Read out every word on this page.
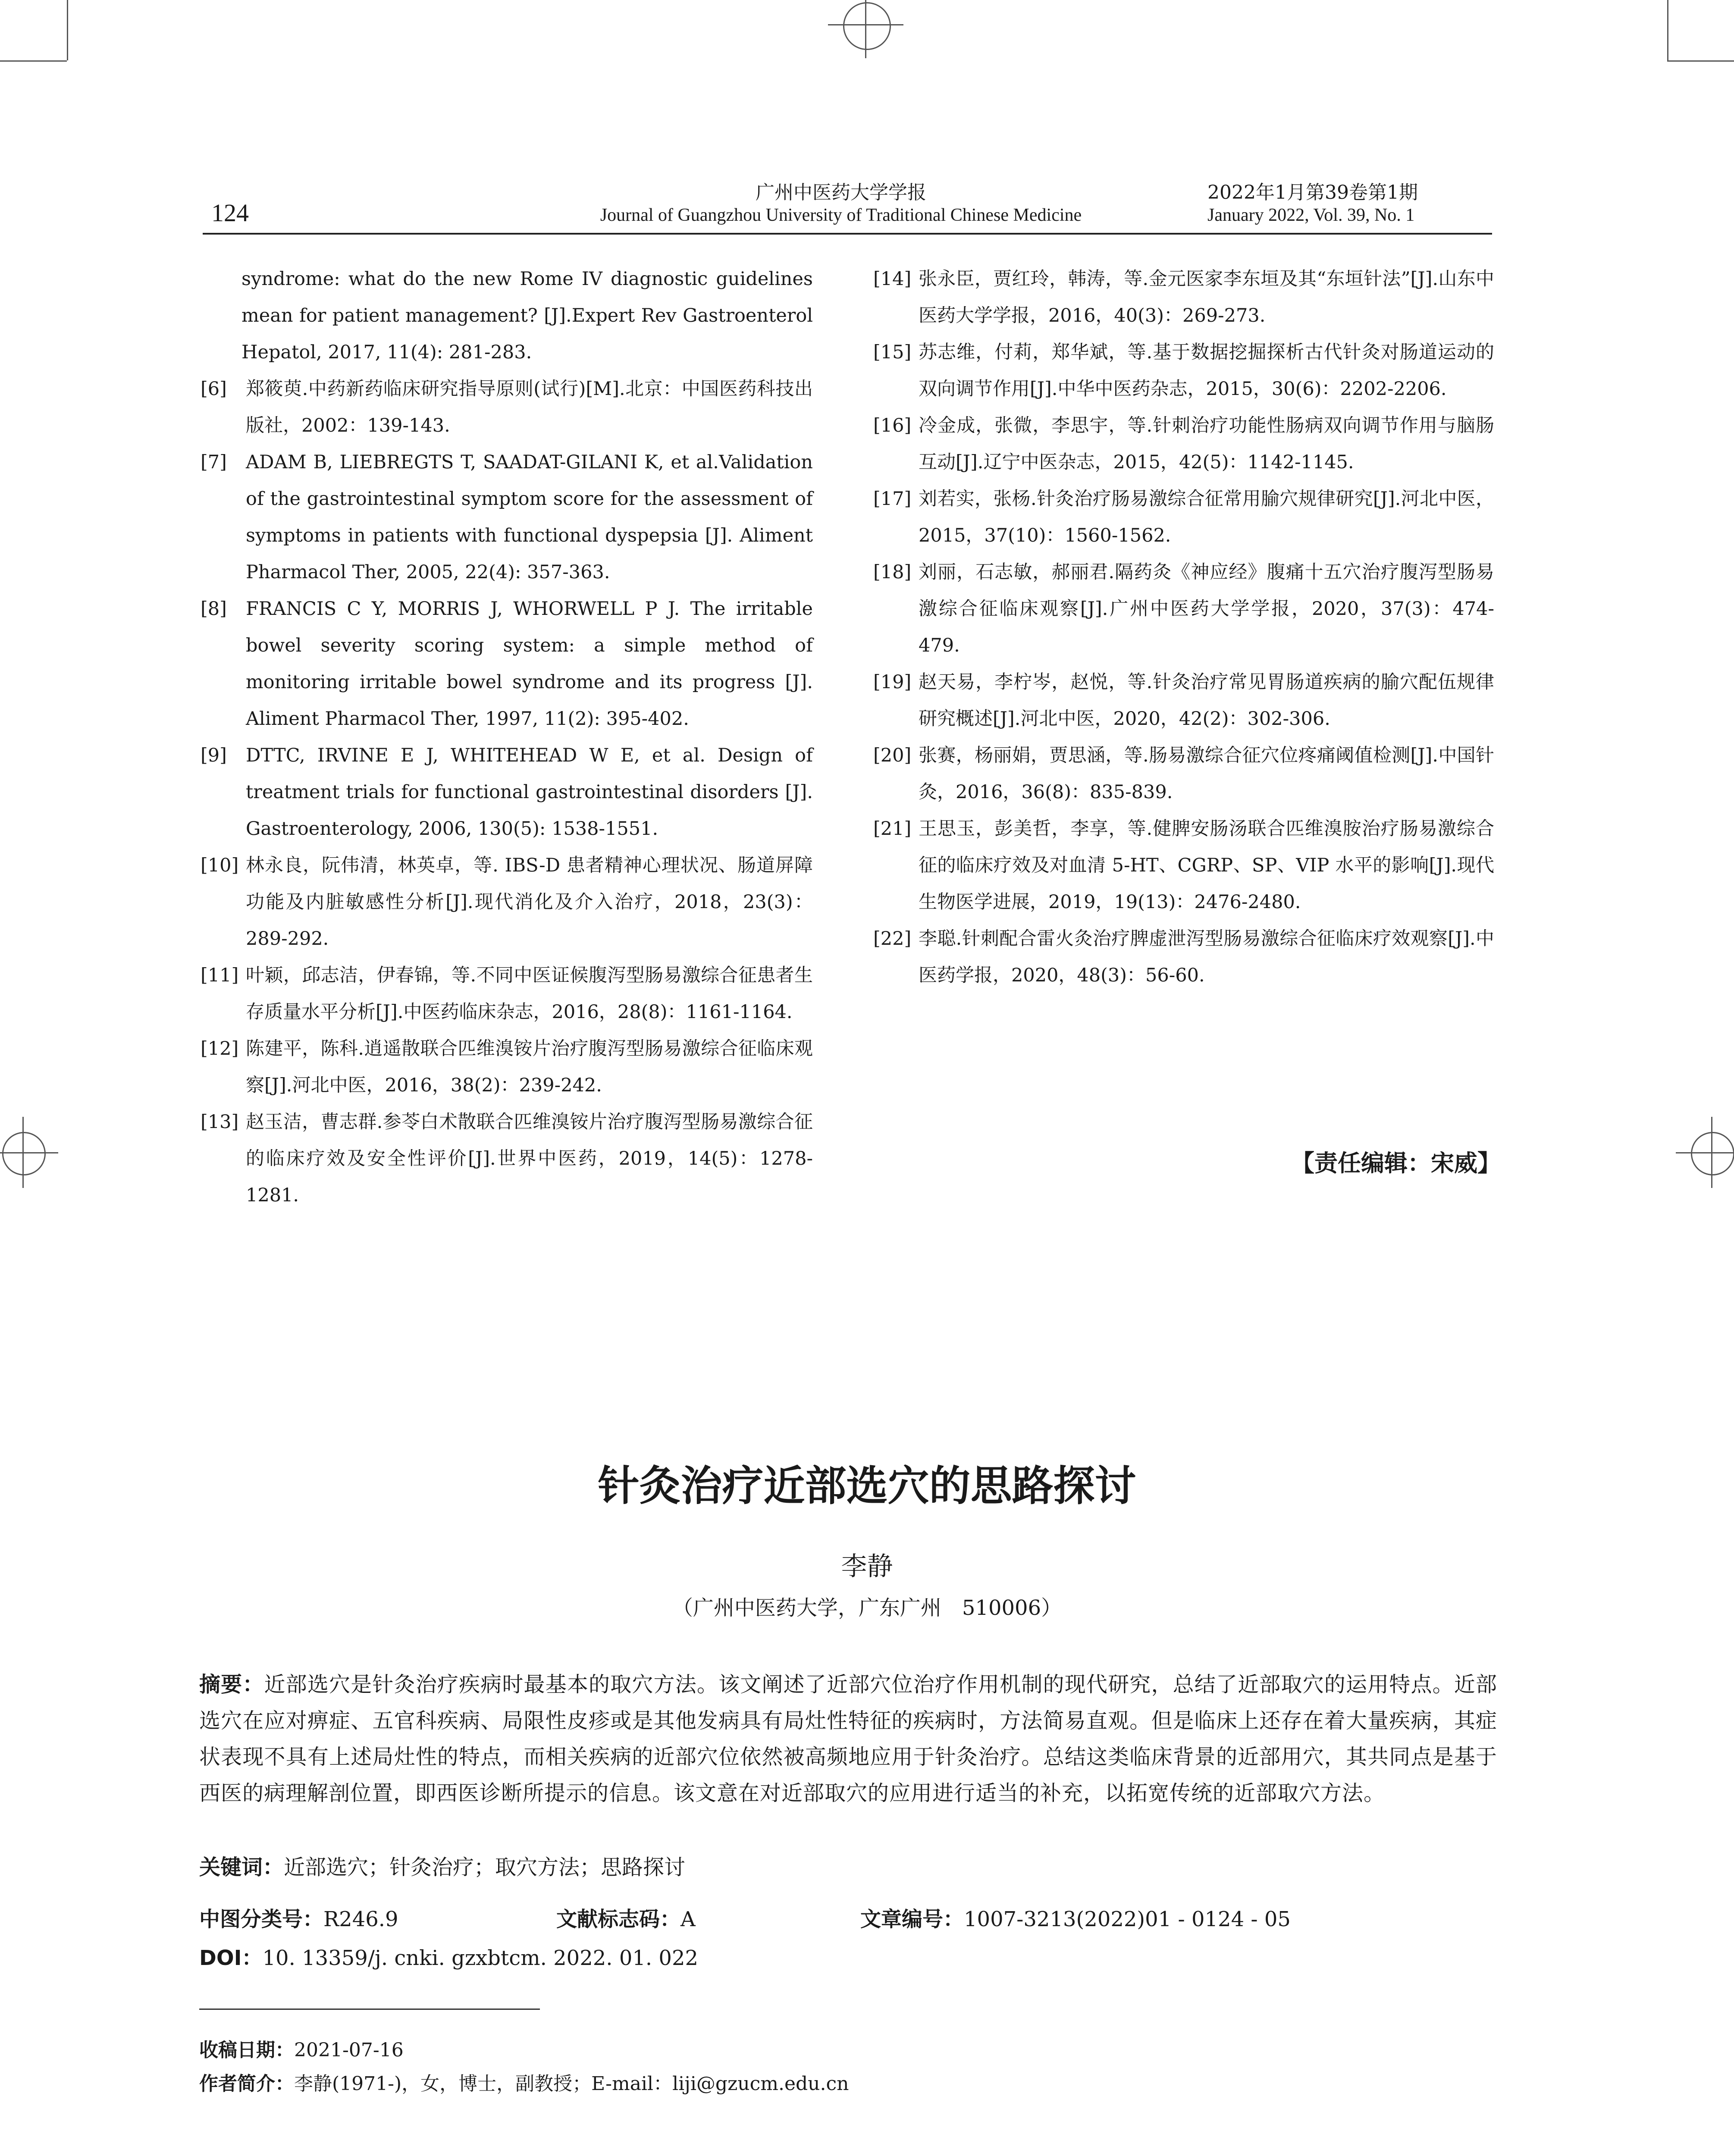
124
广州中医药大学学报
Journal of Guangzhou University of Traditional Chinese Medicine
2022年1月第39卷第1期
January 2022, Vol. 39, No. 1
syndrome: what do the new Rome IV diagnostic guidelines mean for patient management? [J].Expert Rev Gastroenterol Hepatol, 2017, 11(4): 281-283.
[6]	郑筱萸.中药新药临床研究指导原则(试行)[M].北京：中国医药科技出版社，2002：139-143.
[7]	ADAM B, LIEBREGTS T, SAADAT-GILANI K, et al.Validation of the gastrointestinal symptom score for the assessment of symptoms in patients with functional dyspepsia [J]. Aliment Pharmacol Ther, 2005, 22(4): 357-363.
[8]	FRANCIS C Y, MORRIS J, WHORWELL P J. The irritable bowel severity scoring system: a simple method of monitoring irritable bowel syndrome and its progress [J]. Aliment Pharmacol Ther, 1997, 11(2): 395-402.
[9]	DTTC, IRVINE E J, WHITEHEAD W E, et al. Design of treatment trials for functional gastrointestinal disorders [J]. Gastroenterology, 2006, 130(5): 1538-1551.
[10] 林永良，阮伟清，林英卓，等. IBS-D 患者精神心理状况、肠道屏障功能及内脏敏感性分析[J].现代消化及介入治疗，2018，23(3)：289-292.
[11] 叶颖，邱志洁，伊春锦，等.不同中医证候腹泻型肠易激综合征患者生存质量水平分析[J].中医药临床杂志，2016，28(8)：1161-1164.
[12] 陈建平，陈科.逍遥散联合匹维溴铵片治疗腹泻型肠易激综合征临床观察[J].河北中医，2016，38(2)：239-242.
[13] 赵玉洁，曹志群.参苓白术散联合匹维溴铵片治疗腹泻型肠易激综合征的临床疗效及安全性评价[J].世界中医药，2019，14(5)：1278-1281.
[14] 张永臣，贾红玲，韩涛，等.金元医家李东垣及其“东垣针法”[J].山东中医药大学学报，2016，40(3)：269-273.
[15] 苏志维，付莉，郑华斌，等.基于数据挖掘探析古代针灸对肠道运动的双向调节作用[J].中华中医药杂志，2015，30(6)：2202-2206.
[16] 冷金成，张微，李思宇，等.针刺治疗功能性肠病双向调节作用与脑肠互动[J].辽宁中医杂志，2015，42(5)：1142-1145.
[17] 刘若实，张杨.针灸治疗肠易激综合征常用腧穴规律研究[J].河北中医，2015，37(10)：1560-1562.
[18] 刘丽，石志敏，郝丽君.隔药灸《神应经》腹痛十五穴治疗腹泻型肠易激综合征临床观察[J].广州中医药大学学报，2020，37(3)：474-479.
[19] 赵天易，李柠岑，赵悦，等.针灸治疗常见胃肠道疾病的腧穴配伍规律研究概述[J].河北中医，2020，42(2)：302-306.
[20] 张赛，杨丽娟，贾思涵，等.肠易激综合征穴位疼痛阈值检测[J].中国针灸，2016，36(8)：835-839.
[21] 王思玉，彭美哲，李享，等.健脾安肠汤联合匹维溴胺治疗肠易激综合征的临床疗效及对血清 5-HT、CGRP、SP、VIP 水平的影响[J].现代生物医学进展，2019，19(13)：2476-2480.
[22] 李聪.针刺配合雷火灸治疗脾虚泄泻型肠易激综合征临床疗效观察[J].中医药学报，2020，48(3)：56-60.
【责任编辑：宋威】
针灸治疗近部选穴的思路探讨
李静
（广州中医药大学，广东广州　510006）
摘要：近部选穴是针灸治疗疾病时最基本的取穴方法。该文阐述了近部穴位治疗作用机制的现代研究，总结了近部取穴的运用特点。近部选穴在应对痹症、五官科疾病、局限性皮疹或是其他发病具有局灶性特征的疾病时，方法简易直观。但是临床上还存在着大量疾病，其症状表现不具有上述局灶性的特点，而相关疾病的近部穴位依然被高频地应用于针灸治疗。总结这类临床背景的近部用穴，其共同点是基于西医的病理解剖位置，即西医诊断所提示的信息。该文意在对近部取穴的应用进行适当的补充，以拓宽传统的近部取穴方法。
关键词：近部选穴；针灸治疗；取穴方法；思路探讨
中图分类号：R246.9	文献标志码：A	文章编号：1007-3213(2022)01 - 0124 - 05
DOI：10. 13359/j. cnki. gzxbtcm. 2022. 01. 022
收稿日期：2021-07-16
作者简介：李静(1971-)，女，博士，副教授；E-mail：liji@gzucm.edu.cn
